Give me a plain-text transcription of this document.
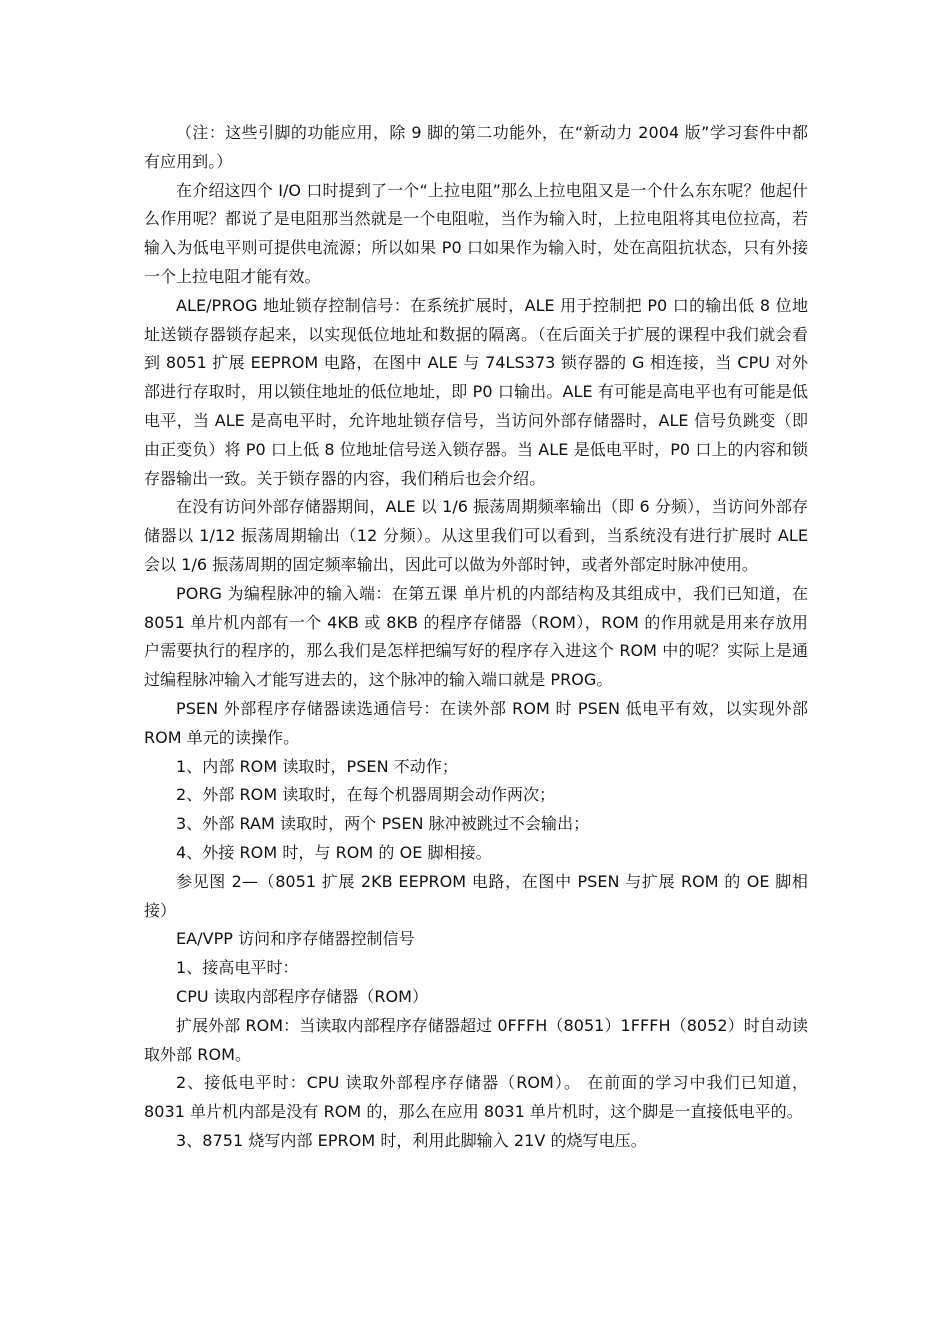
（注：这些引脚的功能应用，除 9 脚的第二功能外，在“新动力 2004 版”学习套件中都有应用到。）

在介绍这四个 I/O 口时提到了一个“上拉电阻”那么上拉电阻又是一个什么东东呢？他起什么作用呢？都说了是电阻那当然就是一个电阻啦，当作为输入时，上拉电阻将其电位拉高，若输入为低电平则可提供电流源；所以如果 P0 口如果作为输入时，处在高阻抗状态，只有外接一个上拉电阻才能有效。

ALE/PROG 地址锁存控制信号：在系统扩展时，ALE 用于控制把 P0 口的输出低 8 位地址送锁存器锁存起来，以实现低位地址和数据的隔离。（在后面关于扩展的课程中我们就会看到 8051 扩展 EEPROM 电路，在图中 ALE 与 74LS373 锁存器的 G 相连接，当 CPU 对外部进行存取时，用以锁住地址的低位地址，即 P0 口输出。ALE 有可能是高电平也有可能是低电平，当 ALE 是高电平时，允许地址锁存信号，当访问外部存储器时，ALE 信号负跳变（即由正变负）将 P0 口上低 8 位地址信号送入锁存器。当 ALE 是低电平时，P0 口上的内容和锁存器输出一致。关于锁存器的内容，我们稍后也会介绍。

在没有访问外部存储器期间，ALE 以 1/6 振荡周期频率输出（即 6 分频），当访问外部存储器以 1/12 振荡周期输出（12 分频）。从这里我们可以看到，当系统没有进行扩展时 ALE 会以 1/6 振荡周期的固定频率输出，因此可以做为外部时钟，或者外部定时脉冲使用。

PORG 为编程脉冲的输入端：在第五课 单片机的内部结构及其组成中，我们已知道，在 8051 单片机内部有一个 4KB 或 8KB 的程序存储器（ROM），ROM 的作用就是用来存放用户需要执行的程序的，那么我们是怎样把编写好的程序存入进这个 ROM 中的呢？实际上是通过编程脉冲输入才能写进去的，这个脉冲的输入端口就是 PROG。

PSEN 外部程序存储器读选通信号：在读外部 ROM 时 PSEN 低电平有效，以实现外部 ROM 单元的读操作。

1、内部 ROM 读取时，PSEN 不动作；

2、外部 ROM 读取时，在每个机器周期会动作两次；

3、外部 RAM 读取时，两个 PSEN 脉冲被跳过不会输出；

4、外接 ROM 时，与 ROM 的 OE 脚相接。

参见图 2—（8051 扩展 2KB EEPROM 电路，在图中 PSEN 与扩展 ROM 的 OE 脚相接）

EA/VPP 访问和序存储器控制信号

1、接高电平时：

CPU 读取内部程序存储器（ROM）

扩展外部 ROM：当读取内部程序存储器超过 0FFFH（8051）1FFFH（8052）时自动读取外部 ROM。

2、接低电平时：CPU 读取外部程序存储器（ROM）。 在前面的学习中我们已知道，8031 单片机内部是没有 ROM 的，那么在应用 8031 单片机时，这个脚是一直接低电平的。

3、8751 烧写内部 EPROM 时，利用此脚输入 21V 的烧写电压。
